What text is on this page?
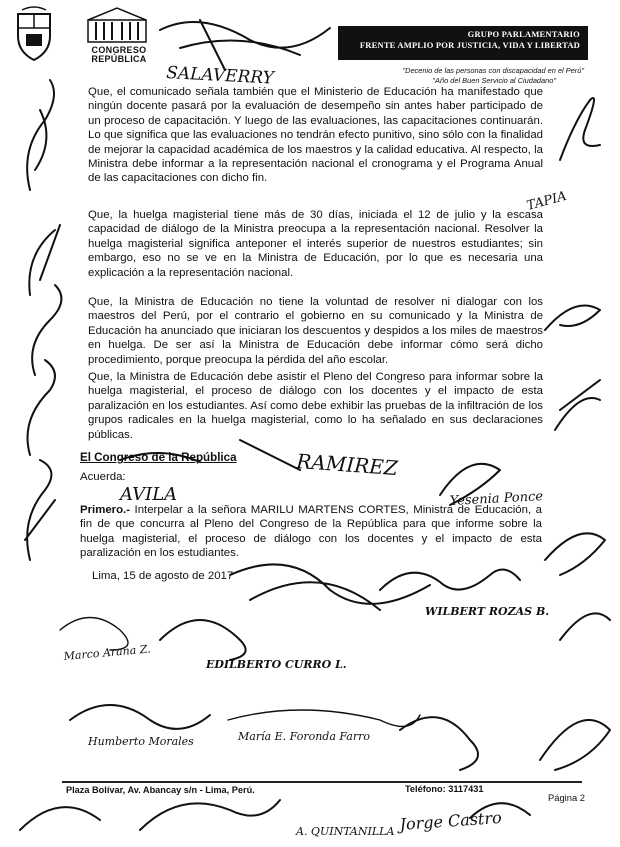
CONGRESO
REPÚBLICA
GRUPO PARLAMENTARIO
FRENTE AMPLIO POR JUSTICIA, VIDA Y LIBERTAD
"Decenio de las personas con discapacidad en el Perú"
"Año del Buen Servicio al Ciudadano"
Que, el comunicado señala también que el Ministerio de Educación ha manifestado que ningún docente pasará por la evaluación de desempeño sin antes haber participado de un proceso de capacitación. Y luego de las evaluaciones, las capacitaciones continuarán. Lo que significa que las evaluaciones no tendrán efecto punitivo, sino sólo con la finalidad de mejorar la capacidad académica de los maestros y la calidad educativa. Al respecto, la Ministra debe informar a la representación nacional el cronograma y el Programa Anual de las capacitaciones con dicho fin.
Que, la huelga magisterial tiene más de 30 días, iniciada el 12 de julio y la escasa capacidad de diálogo de la Ministra preocupa a la representación nacional. Resolver la huelga magisterial significa anteponer el interés superior de nuestros estudiantes; sin embargo, eso no se ve en la Ministra de Educación, por lo que es necesaria una explicación a la representación nacional.
Que, la Ministra de Educación no tiene la voluntad de resolver ni dialogar con los maestros del Perú, por el contrario el gobierno en su comunicado y la Ministra de Educación ha anunciado que iniciaran los descuentos y despidos a los miles de maestros en huelga. De ser así la Ministra de Educación debe informar cómo será dicho procedimiento, porque preocupa la pérdida del año escolar.
Que, la Ministra de Educación debe asistir el Pleno del Congreso para informar sobre la huelga magisterial, el proceso de diálogo con los docentes y el impacto de esta paralización en los estudiantes. Así como debe exhibir las pruebas de la infiltración de los grupos radicales en la huelga magisterial, como lo ha señalado en sus declaraciones públicas.
El Congreso de la República
Acuerda:
Primero.- Interpelar a la señora MARILU MARTENS CORTES, Ministra de Educación, a fin de que concurra al Pleno del Congreso de la República para que informe sobre la huelga magisterial, el proceso de diálogo con los docentes y el impacto de esta paralización en los estudiantes.
Lima, 15 de agosto de 2017
Plaza Bolívar, Av. Abancay s/n - Lima, Perú.	Teléfono: 3117431
Página 2
SALAVERRY
TAPIA
RAMIREZ
AVILA	Yesenia Ponce
WILBERT ROZAS B.
Marco Arana Z.
EDILBERTO CURRO L.
Humberto Morales	María E. Foronda Farro
A. QUINTANILLA Jorge Castro
